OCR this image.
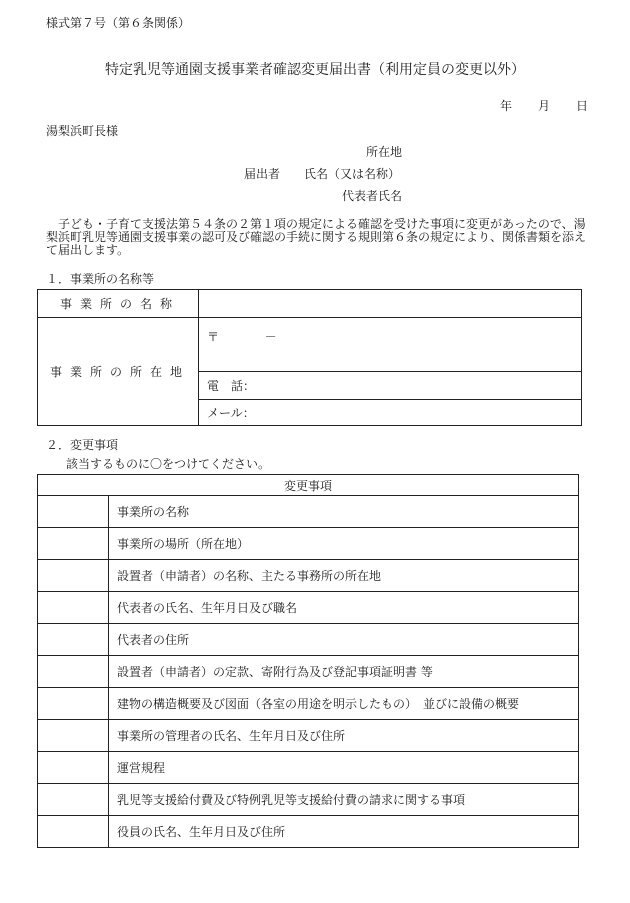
様式第７号（第６条関係）
特定乳児等通園支援事業者確認変更届出書（利用定員の変更以外）
年 月 日
湯梨浜町長様
所在地
届出者 氏名（又は名称）
代表者氏名
子ども・子育て支援法第５４条の２第１項の規定による確認を受けた事項に変更があったので、湯梨浜町乳児等通園支援事業の認可及び確認の手続に関する規則第６条の規定により、関係書類を添えて届出します。
１．事業所の名称等
事業所の名称	
事業所の所在地	〒 －
	電　話：
	メール：
２．変更事項
該当するものに〇をつけてください。
変更事項	
	事業所の名称
	事業所の場所（所在地）
	設置者（申請者）の名称、主たる事務所の所在地
	代表者の氏名、生年月日及び職名
	代表者の住所
	設置者（申請者）の定款、寄附行為及び登記事項証明書 等
	建物の構造概要及び図面（各室の用途を明示したもの）　並びに設備の概要
	事業所の管理者の氏名、生年月日及び住所
	運営規程
	乳児等支援給付費及び特例乳児等支援給付費の請求に関する事項
	役員の氏名、生年月日及び住所
